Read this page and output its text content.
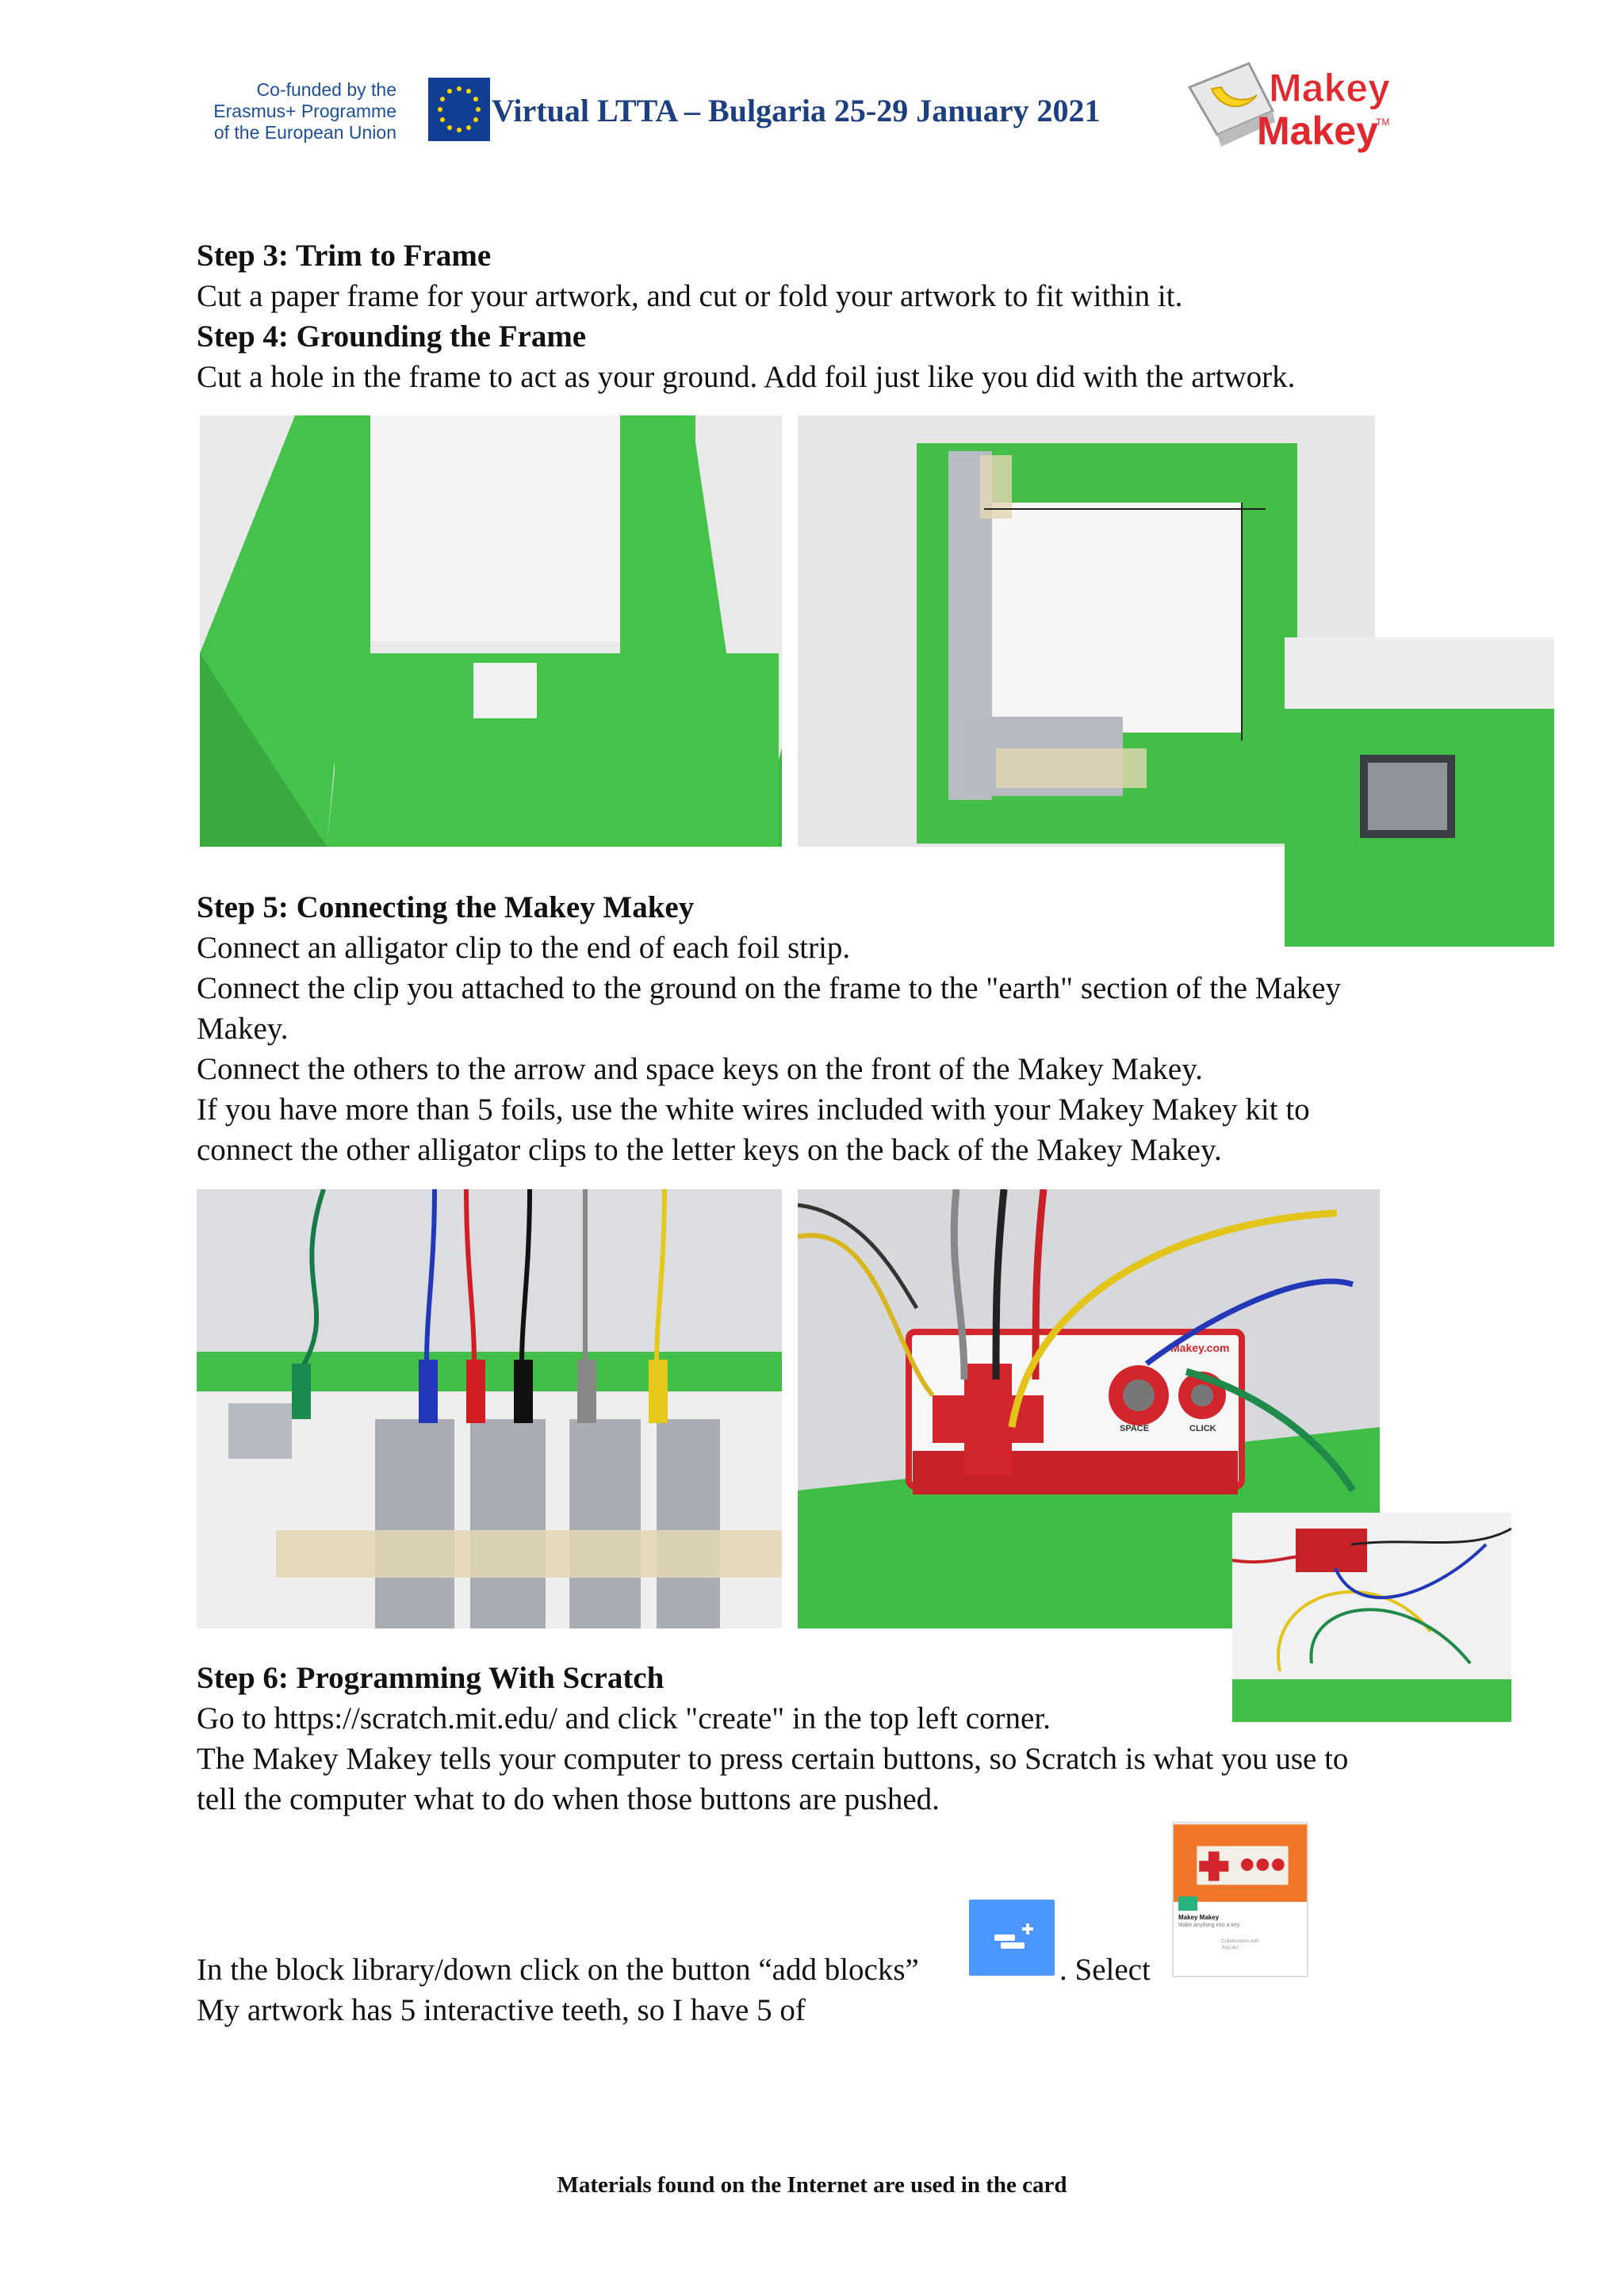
Co-funded by the
Erasmus+ Programme
of the European Union
Virtual LTTA – Bulgaria 25-29 January 2021
Makey
Makey
TM
Step 3: Trim to Frame
Cut a paper frame for your artwork, and cut or fold your artwork to fit within it.
Step 4: Grounding the Frame
Cut a hole in the frame to act as your ground. Add foil just like you did with the artwork.
Step 5: Connecting the Makey Makey
Connect an alligator clip to the end of each foil strip.
Connect the clip you attached to the ground on the frame to the "earth" section of the Makey
Makey.
Connect the others to the arrow and space keys on the front of the Makey Makey.
If you have more than 5 foils, use the white wires included with your Makey Makey kit to
connect the other alligator clips to the letter keys on the back of the Makey Makey.
SPACE	CLICK
Makey.com
Step 6: Programming With Scratch
Go to https://scratch.mit.edu/ and click "create" in the top left corner.
The Makey Makey tells your computer to press certain buttons, so Scratch is what you use to
tell the computer what to do when those buttons are pushed.
In the block library/down click on the button “add blocks”	. Select
Makey Makey
Make anything into a key.
Collaboration with
JoyLabz
My artwork has 5 interactive teeth, so I have 5 of
Materials found on the Internet are used in the card
